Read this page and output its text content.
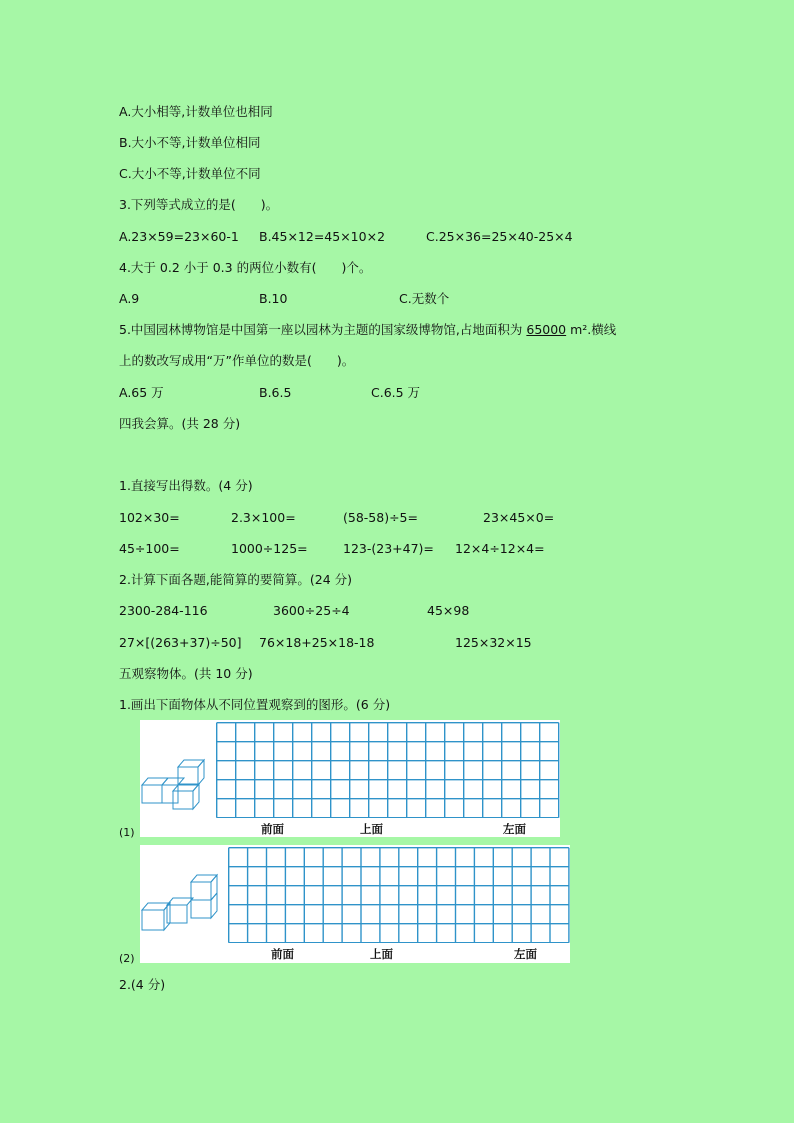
A.大小相等,计数单位也相同
B.大小不等,计数单位相同
C.大小不等,计数单位不同
3.下列等式成立的是(　　)。
A.23×59=23×60-1 B.45×12=45×10×2	C.25×36=25×40-25×4
4.大于 0.2 小于 0.3 的两位小数有(　　)个。
A.9	B.10	C.无数个
5.中国园林博物馆是中国第一座以园林为主题的国家级博物馆,占地面积为 65000 m².横线
上的数改写成用“万”作单位的数是(　　)。
A.65 万	B.6.5	C.6.5 万
四我会算。(共 28 分)
1.直接写出得数。(4 分)
102×30=	2.3×100=	(58-58)÷5=	23×45×0=
45÷100=	1000÷125=	123-(23+47)= 12×4÷12×4=
2.计算下面各题,能简算的要简算。(24 分)
2300-284-116	3600÷25÷4	45×98
27×[(263+37)÷50] 76×18+25×18-18	125×32×15
五观察物体。(共 10 分)
1.画出下面物体从不同位置观察到的图形。(6 分)
(1)	前面	上面	左面
(2)	前面	上面	左面
2.(4 分)
